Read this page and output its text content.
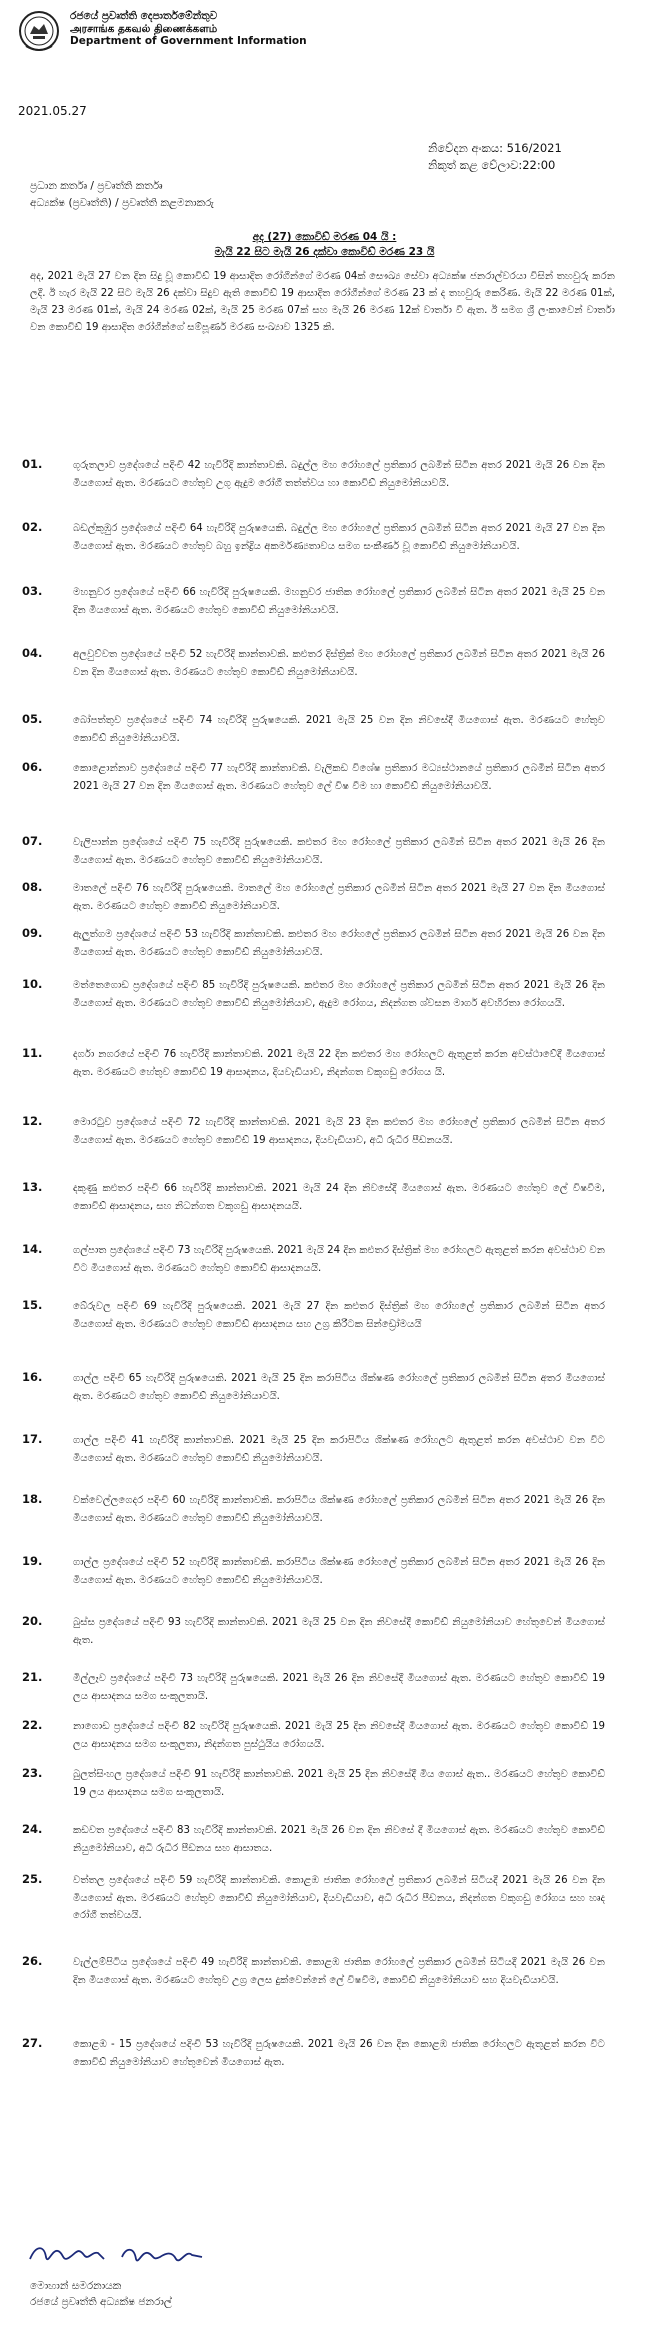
රජයේ ප්‍රවෘත්ති දෙපාර්තමේන්තුව
அரசாங்க தகவல் திணைக்களம்
Department of Government Information
2021.05.27
නිවේදන අංකය: 516/2021
නිකුත් කළ වේලාව:22:00
ප්‍රධාන කර්තෘ / ප්‍රවෘත්ති කර්තෘ
අධ්‍යක්ෂ (ප්‍රවෘත්ති) / ප්‍රවෘත්ති කළමනාකරු
අද (27) කොවිඩ් මරණ 04 යි :
මැයි 22 සිට මැයි 26 දක්වා කොවිඩ් මරණ 23 යි
අද, 2021 මැයි 27 වන දින සිදු වූ කොවිඩ් 19 ආසාදිත රෝගීන්ගේ මරණ 04ක් සෞඛ්‍ය සේවා අධ්‍යක්ෂ ජනරාල්වරයා විසින් තහවුරු කරන ලදී. ඊ හැර මැයි 22 සිට මැයි 26 දක්වා සිදුව ඇති කොවිඩ් 19 ආසාදිත රෝගීන්ගේ මරණ 23 ක් ද තහවුරු කෙරිණ. මැයි 22 මරණ 01ක්, මැයි 23 මරණ 01ක්, මැයි 24 මරණ 02ක්, මැයි 25 මරණ 07ක් සහ මැයි 26 මරණ 12ක් වාර්තා වී ඇත. ඊ සමග ශ්‍රී ලංකාවෙන් වාර්තා වන කොවිඩ් 19 ආසාදිත රෝගීන්ගේ සම්පූර්ණ මරණ සංඛ්‍යාව 1325 කි.
01.	ගුරුතලාව ප්‍රදේශයේ පදිංචි 42 හැවිරිදි කාන්තාවකි. බදුල්ල මහ රෝහලේ ප්‍රතිකාර ලබමින් සිටින අතර 2021 මැයි 26 වන දින මියගොස් ඇත. මරණයට හේතුව උගු ඇදුම රෝගී තත්ත්වය හා කොවිඩ් නියුමෝනියාවයි.
02.	බඩල්කුඹුර ප්‍රදේශයේ පදිංචි 64 හැවිරිදි පුරුෂයෙකි. බදුල්ල මහ රෝහලේ ප්‍රතිකාර ලබමින් සිටින අතර 2021 මැයි 27 වන දින මියගොස් ඇත. මරණයට හේතුව බහු ඉන්ද්‍රිය අකර්මණ්‍යතාවය සමග සංකීර්ණ වූ කොවිඩ් නියුමෝනියාවයි.
03.	මහනුවර ප්‍රදේශයේ පදිංචි 66 හැවිරිදි පුරුෂයෙකි. මහනුවර ජාතික රෝහලේ ප්‍රතිකාර ලබමින් සිටින අතර 2021 මැයි 25 වන දින මියගොස් ඇත. මරණයට හේතුව කොවිඩ් නියුමෝනියාවයි.
04.	අලවුව්වත ප්‍රදේශයේ පදිංචි 52 හැවිරිදි කාන්තාවකි. කළුතර දිස්ත්‍රික් මහ රෝහලේ ප්‍රතිකාර ලබමින් සිටින අතර 2021 මැයි 26 වන දින මියගොස් ඇත. මරණයට හේතුව කොවිඩ් නියුමෝනියාවයි.
05.	බෝපත්තුව ප්‍රදේශයේ පදිංචි 74 හැවිරිදි පුරුෂයෙකි. 2021 මැයි 25 වන දින නිවසේදී මියගොස් ඇත. මරණයට හේතුව කොවිඩ් නියුමෝනියාවයි.
06.	කොළොන්නාව ප්‍රදේශයේ පදිංචි 77 හැවිරිදි කාන්තාවකි. වැලිකඩ විශේෂ ප්‍රතිකාර මධ්‍යස්ථානයේ ප්‍රතිකාර ලබමින් සිටින අතර 2021 මැයි 27 වන දින මියගොස් ඇත. මරණයට හේතුව ලේ විෂ වීම හා කොවිඩ් නියුමෝනියාවයි.
07.	වැලිපාන්න ප්‍රදේශයේ පදිංචි 75 හැවිරිදි පුරුෂයෙකි. කළුතර මහ රෝහලේ ප්‍රතිකාර ලබමින් සිටින අතර 2021 මැයි 26 දින මියගොස් ඇත. මරණයට හේතුව කොවිඩ් නියුමෝනියාවයි.
08.	මාතලේ පදිංචි 76 හැවිරිදි පුරුෂයෙකි. මාතලේ මහ රෝහලේ ප්‍රතිකාර ලබමින් සිටින අතර 2021 මැයි 27 වන දින මියගොස් ඇත. මරණයට හේතුව කොවිඩ් නියුමෝනියාවයි.
09.	ඇලුත්ගම ප්‍රදේශයේ පදිංචි 53 හැවිරිදි කාන්තාවකි. කළුතර මහ රෝහලේ ප්‍රතිකාර ලබමින් සිටින අතර 2021 මැයි 26 වන දින මියගොස් ඇත. මරණයට හේතුව කොවිඩ් නියුමෝනියාවයි.
10.	මත්තෙගොඩ ප්‍රදේශයේ පදිංචි 85 හැවිරිදි පුරුෂයෙකි. කළුතර මහ රෝහලේ ප්‍රතිකාර ලබමින් සිටින අතර 2021 මැයි 26 දින මියගොස් ඇත. මරණයට හේතුව කොවිඩ් නියුමෝනියාව, ඇදුම රෝගය, නිදන්ගත ශ්වසන මාර්ග අවහිරතා රෝගයයි.
11.	දර්ගා නගරයේ පදිංචි 76 හැවිරිදි කාන්තාවකි. 2021 මැයි 22 දින කළුතර මහ රෝහලට ඇතුළත් කරන අවස්ථාවේදී මියගොස් ඇත. මරණයට හේතුව කොවිඩ් 19 ආසාදනය, දියවැඩියාව, නිදන්ගත වකුගඩු රෝගය යි.
12.	මොරටුව ප්‍රදේශයේ පදිංචි 72 හැවිරිදි කාන්තාවකි. 2021 මැයි 23 දින කළුතර මහ රෝහලේ ප්‍රතිකාර ලබමින් සිටින අතර මියගොස් ඇත. මරණයට හේතුව කොවිඩ් 19 ආසාදනය, දියවැඩියාව, අධි රුධිර පීඩනයයි.
13.	දකුණු කළුතර පදිංචි 66 හැවිරිදි කාන්තාවකි. 2021 මැයි 24 දින නිවසේදී මියගොස් ඇත. මරණයට හේතුව ලේ විෂවීම, කොවිඩ් ආසාදනය, සහ නිධන්ගත වකුගඩු ආසාදනයයි.
14.	ගල්පාත ප්‍රදේශයේ පදිංචි 73 හැවිරිදි පුරුෂයෙකි. 2021 මැයි 24 දින කළුතර දිස්ත්‍රික් මහ රෝහලට ඇතුළත් කරන අවස්ථාව වන විට මියගොස් ඇත. මරණයට හේතුව කොවිඩ් ආසාදනයයි.
15.	බේරුවල පදිංචි 69 හැවිරිදි පුරුෂයෙකි. 2021 මැයි 27 දින කළුතර දිස්ත්‍රික් මහ රෝහලේ ප්‍රතිකාර ලබමින් සිටින අතර මියගොස් ඇත. මරණයට හේතුව කොවිඩ් ආසාදනය සහ උග්‍ර කිරීටක සින්ඩ්‍රෝමයයි
16.	ගාල්ල පදිංචි 65 හැවිරිදි පුරුෂයෙකි. 2021 මැයි 25 දින කරාපිටිය ශික්ෂණ රෝහලේ ප්‍රතිකාර ලබමින් සිටින අතර මියගොස් ඇත. මරණයට හේතුව කොවිඩ් නියුමෝනියාවයි.
17.	ගාල්ල පදිංචි 41 හැවිරිදි කාන්තාවකි. 2021 මැයි 25 දින කරාපිටිය ශික්ෂණ රෝහලට ඇතුළත් කරන අවස්ථාව වන විට මියගොස් ඇත. මරණයට හේතුව කොවිඩ් නියුමෝනියාවයි.
18.	වක්වෙල්ලගෙදර පදිංචි 60 හැවිරිදි කාන්තාවකි. කරාපිටිය ශික්ෂණ රෝහලේ ප්‍රතිකාර ලබමින් සිටින අතර 2021 මැයි 26 දින මියගොස් ඇත. මරණයට හේතුව කොවිඩ් නියුමෝනියාවයි.
19.	ගාල්ල ප්‍රදේශයේ පදිංචි 52 හැවිරිදි කාන්තාවකි. කරාපිටිය ශික්ෂණ රෝහලේ ප්‍රතිකාර ලබමින් සිටින අතර 2021 මැයි 26 දින මියගොස් ඇත. මරණයට හේතුව කොවිඩ් නියුමෝනියාවයි.
20.	බුස්ස ප්‍රදේශයේ පදිංචි 93 හැවිරිදි කාන්තාවකි. 2021 මැයි 25 වන දින නිවසේදී කොවිඩ් නියුමෝනියාව හේතුවෙන් මියගොස් ඇත.
21.	මිල්ලෑව ප්‍රදේශයේ පදිංචි 73 හැවිරිදි පුරුෂයෙකි. 2021 මැයි 26 දින නිවසේදී මියගොස් ඇත. මරණයට හේතුව කොවිඩ් 19 ලය ආසාදනය සමග සංකූලතායි.
22.	නාගොඩ ප්‍රදේශයේ පදිංචි 82 හැවිරිදි පුරුෂයෙකි. 2021 මැයි 25 දින නිවසේදී මියගොස් ඇත. මරණයට හේතුව කොවිඩ් 19 ලය ආසාදනය සමග සංකූලතා, නිදන්ගත පුස්ථුයිය රෝගයයි.
23.	බුලත්සිංහල ප්‍රදේශයේ පදිංචි 91 හැවිරිදි කාන්තාවකි. 2021 මැයි 25 දින නිවසේදී මිය ගොස් ඇත.. මරණයට හේතුව කොවිඩ් 19 ලය ආසාදනය සමග සංකූලතායි.
24.	කඩවත ප්‍රදේශයේ පදිංචි 83 හැවිරිදි කාන්තාවකි. 2021 මැයි 26 වන දින නිවසේ දී මියගොස් ඇත. මරණයට හේතුව කොවිඩ් නියුමෝනියාව, අධි රුධිර පීඩනය සහ ආසාතය.
25.	වත්තල ප්‍රදේශයේ පදිංචි 59 හැවිරිදි කාන්තාවකි. කොළඹ ජාතික රෝහලේ ප්‍රතිකාර ලබමින් සිටියදී 2021 මැයි 26 වන දින මියගොස් ඇත. මරණයට හේතුව කොවිඩ් නියුමෝනියාව, දියවැඩියාව, අධි රුධිර පීඩනය, නිදන්ගත වකුගඩු රෝගය සහ හෘද රෝගී තත්වයයි.
26.	වැල්ලම්පිටිය ප්‍රදේශයේ පදිංචි 49 හැවිරිදි කාන්තාවකි. කොළඹ ජාතික රෝහලේ ප්‍රතිකාර ලබමින් සිටියදී 2021 මැයි 26 වන දින මියගොස් ඇත. මරණයට හේතුව උග්‍ර ලෙස දුක්වෙන්නේ ලේ විෂවීම, කොවිඩ් නියුමෝනියාව සහ දියවැඩියාවයි.
27.	කොළඹ - 15 ප්‍රදේශයේ පදිංචි 53 හැවිරිදි පුරුෂයෙකි. 2021 මැයි 26 වන දින කොළඹ ජාතික රෝහලට ඇතුළත් කරන විට කොවිඩ් නියුමෝනියාව හේතුවෙන් මියගොස් ඇත.
මොහාන් සමරනායක
රජයේ ප්‍රවෘත්ති අධ්‍යක්ෂ ජනරාල්
